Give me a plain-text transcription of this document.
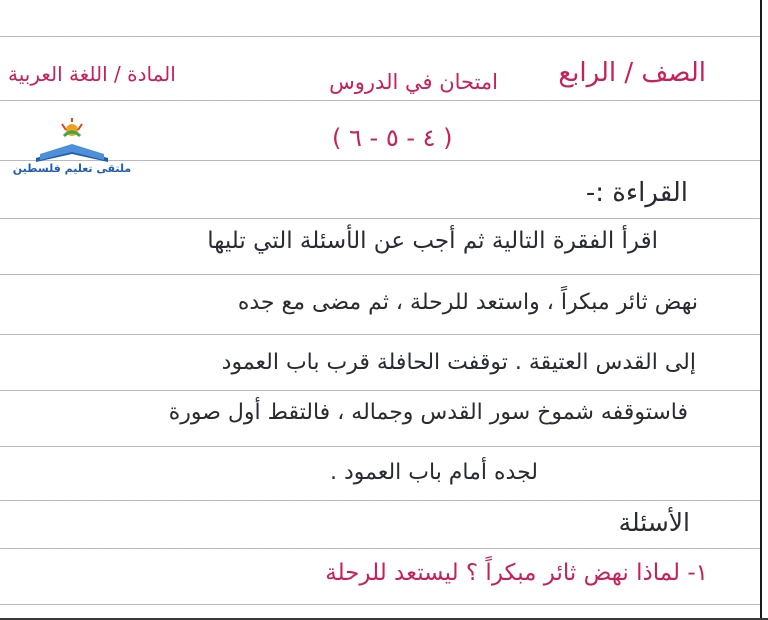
الصف / الرابع
امتحان في الدروس
المادة / اللغة العربية
( ٤ - ٥ - ٦ )
ملتقى تعليم فلسطين
القراءة :-
اقرأ الفقرة التالية ثم أجب عن الأسئلة التي تليها
نهض ثائر مبكراً ، واستعد للرحلة ، ثم مضى مع جده
إلى القدس العتيقة . توقفت الحافلة قرب باب العمود
فاستوقفه شموخ سور القدس وجماله ، فالتقط أول صورة
لجده أمام باب العمود .
الأسئلة
١- لماذا نهض ثائر مبكراً ؟ ليستعد للرحلة
